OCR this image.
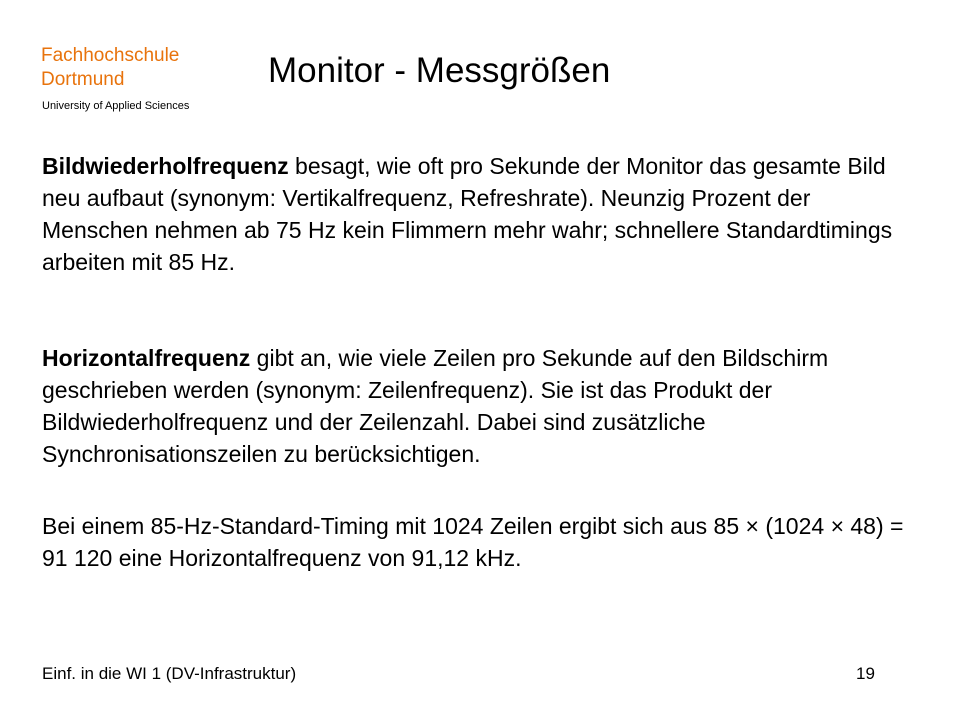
Fachhochschule
Dortmund
University of Applied Sciences
Monitor - Messgrößen

Bildwiederholfrequenz besagt, wie oft pro Sekunde der Monitor das gesamte Bild neu aufbaut (synonym: Vertikalfrequenz, Refreshrate). Neunzig Prozent der Menschen nehmen ab 75 Hz kein Flimmern mehr wahr; schnellere Standardtimings arbeiten mit 85 Hz.

Horizontalfrequenz gibt an, wie viele Zeilen pro Sekunde auf den Bildschirm geschrieben werden (synonym: Zeilenfrequenz). Sie ist das Produkt der Bildwiederholfrequenz und der Zeilenzahl. Dabei sind zusätzliche Synchronisationszeilen zu berücksichtigen.

Bei einem 85-Hz-Standard-Timing mit 1024 Zeilen ergibt sich aus 85 × (1024 × 48) = 91 120 eine Horizontalfrequenz von 91,12 kHz.

Einf. in die WI 1 (DV-Infrastruktur)	19
